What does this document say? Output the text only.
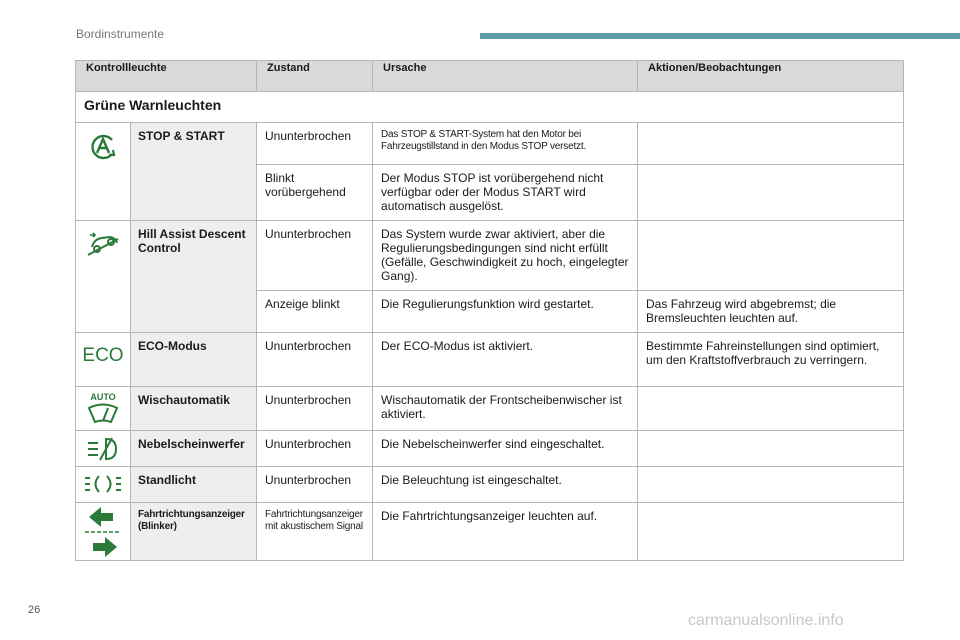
Bordinstrumente
Kontrollleuchte		Zustand	Ursache	Aktionen/Beobachtungen
Grüne Warnleuchten				

	STOP & START	Ununterbrochen	Das STOP & START-System hat den Motor bei Fahrzeugstillstand in den Modus STOP versetzt.	
		Blinkt vorübergehend	Der Modus STOP ist vorübergehend nicht verfügbar oder der Modus START wird automatisch ausgelöst.	

	Hill Assist Descent Control	Ununterbrochen	Das System wurde zwar aktiviert, aber die Regulierungsbedingungen sind nicht erfüllt (Gefälle, Geschwindigkeit zu hoch, eingelegter Gang).	
		Anzeige blinkt	Die Regulierungsfunktion wird gestartet.	Das Fahrzeug wird abgebremst; die Bremsleuchten leuchten auf.

ECO	ECO-Modus	Ununterbrochen	Der ECO-Modus ist aktiviert.	Bestimmte Fahreinstellungen sind optimiert, um den Kraftstoffverbrauch zu verringern.

AUTO	Wischautomatik	Ununterbrochen	Wischautomatik der Frontscheibenwischer ist aktiviert.	

	Nebelscheinwerfer	Ununterbrochen	Die Nebelscheinwerfer sind eingeschaltet.	

	Standlicht	Ununterbrochen	Die Beleuchtung ist eingeschaltet.	

	Fahrtrichtungsanzeiger (Blinker)	Fahrtrichtungsanzeiger mit akustischem Signal	Die Fahrtrichtungsanzeiger leuchten auf.	
26
carmanualsonline.info
